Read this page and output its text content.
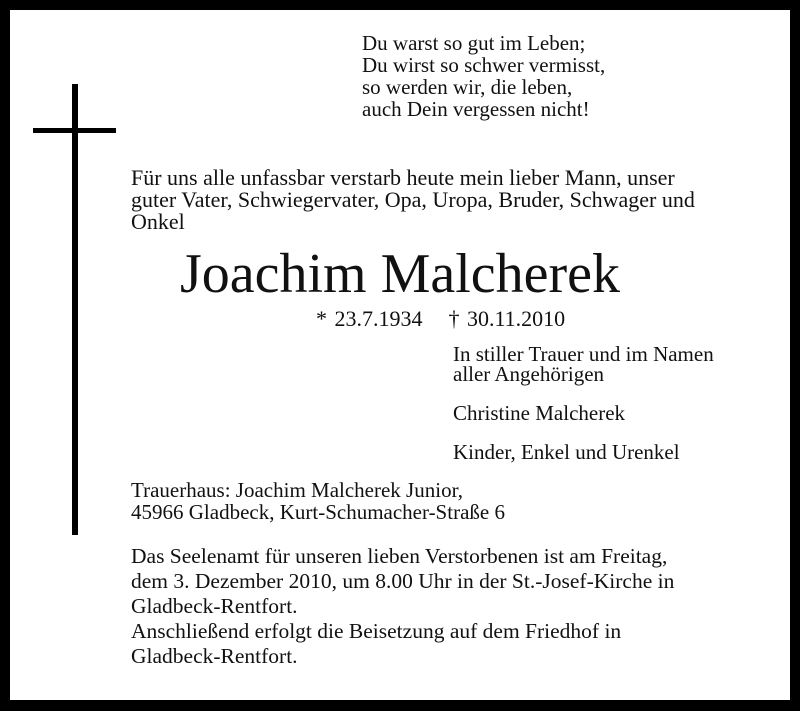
Du warst so gut im Leben;
Du wirst so schwer vermisst,
so werden wir, die leben,
auch Dein vergessen nicht!
Für uns alle unfassbar verstarb heute mein lieber Mann, unser
guter Vater, Schwiegervater, Opa, Uropa, Bruder, Schwager und
Onkel
Joachim Malcherek
* 23.7.1934 † 30.11.2010
In stiller Trauer und im Namen
aller Angehörigen
Christine Malcherek
Kinder, Enkel und Urenkel
Trauerhaus: Joachim Malcherek Junior,
45966 Gladbeck, Kurt-Schumacher-Straße 6
Das Seelenamt für unseren lieben Verstorbenen ist am Freitag,
dem 3. Dezember 2010, um 8.00 Uhr in der St.-Josef-Kirche in
Gladbeck-Rentfort.
Anschließend erfolgt die Beisetzung auf dem Friedhof in
Gladbeck-Rentfort.
